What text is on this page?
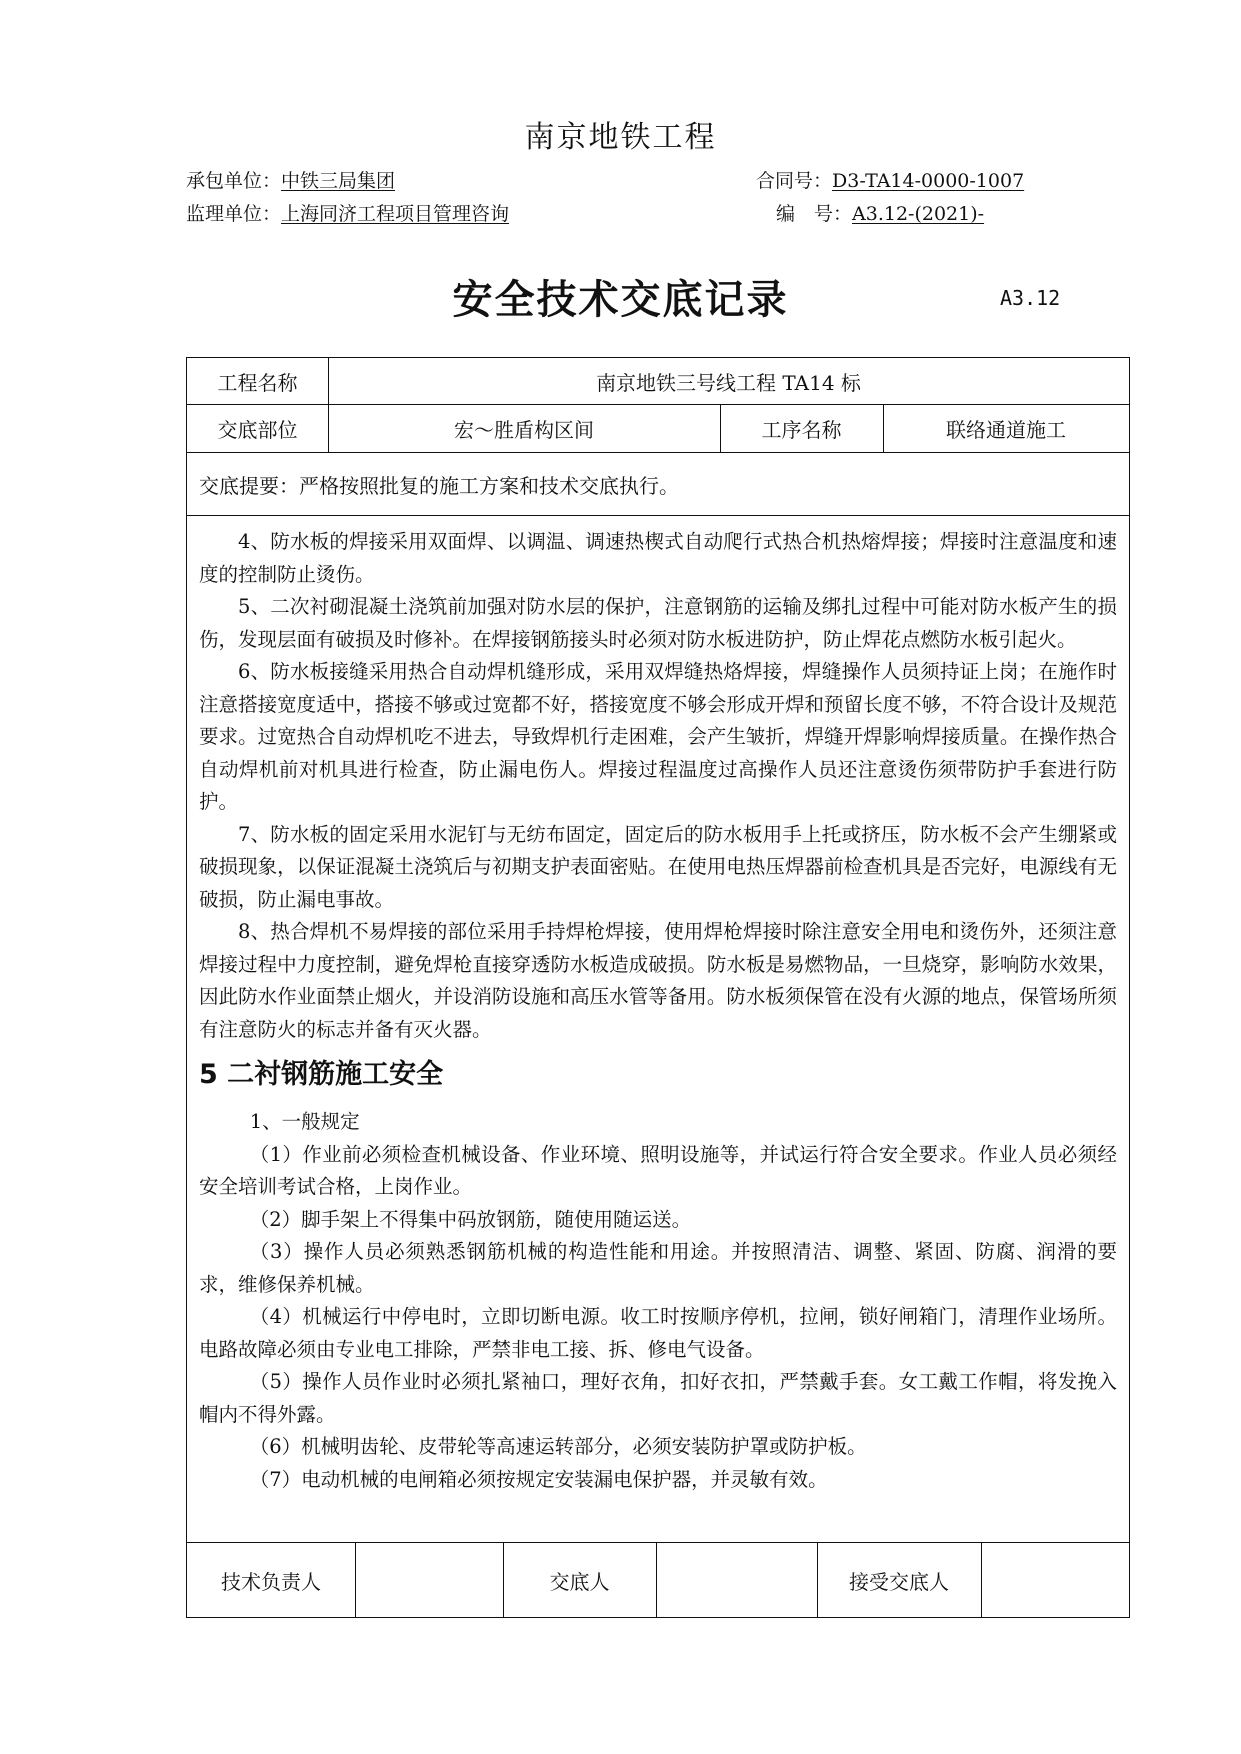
南京地铁工程
承包单位：中铁三局集团	合同号：D3-TA14-0000-1007
监理单位：上海同济工程项目管理咨询	编　号：A3.12-(2021)-
安全技术交底记录	A3.12
工程名称	南京地铁三号线工程 TA14 标
交底部位	宏～胜盾构区间	工序名称	联络通道施工
交底提要：严格按照批复的施工方案和技术交底执行。

4、防水板的焊接采用双面焊、以调温、调速热楔式自动爬行式热合机热熔焊接；焊接时注意温度和速度的控制防止烫伤。

5、二次衬砌混凝土浇筑前加强对防水层的保护，注意钢筋的运输及绑扎过程中可能对防水板产生的损伤，发现层面有破损及时修补。在焊接钢筋接头时必须对防水板进防护，防止焊花点燃防水板引起火。

6、防水板接缝采用热合自动焊机缝形成，采用双焊缝热烙焊接，焊缝操作人员须持证上岗；在施作时注意搭接宽度适中，搭接不够或过宽都不好，搭接宽度不够会形成开焊和预留长度不够，不符合设计及规范要求。过宽热合自动焊机吃不进去，导致焊机行走困难，会产生皱折，焊缝开焊影响焊接质量。在操作热合自动焊机前对机具进行检查，防止漏电伤人。焊接过程温度过高操作人员还注意烫伤须带防护手套进行防护。

7、防水板的固定采用水泥钉与无纺布固定，固定后的防水板用手上托或挤压，防水板不会产生绷紧或破损现象，以保证混凝土浇筑后与初期支护表面密贴。在使用电热压焊器前检查机具是否完好，电源线有无破损，防止漏电事故。

8、热合焊机不易焊接的部位采用手持焊枪焊接，使用焊枪焊接时除注意安全用电和烫伤外，还须注意焊接过程中力度控制，避免焊枪直接穿透防水板造成破损。防水板是易燃物品，一旦烧穿，影响防水效果，因此防水作业面禁止烟火，并设消防设施和高压水管等备用。防水板须保管在没有火源的地点，保管场所须有注意防火的标志并备有灭火器。

5 二衬钢筋施工安全

1、一般规定

（1）作业前必须检查机械设备、作业环境、照明设施等，并试运行符合安全要求。作业人员必须经安全培训考试合格，上岗作业。

（2）脚手架上不得集中码放钢筋，随使用随运送。

（3）操作人员必须熟悉钢筋机械的构造性能和用途。并按照清洁、调整、紧固、防腐、润滑的要求，维修保养机械。

（4）机械运行中停电时，立即切断电源。收工时按顺序停机，拉闸，锁好闸箱门，清理作业场所。电路故障必须由专业电工排除，严禁非电工接、拆、修电气设备。

（5）操作人员作业时必须扎紧袖口，理好衣角，扣好衣扣，严禁戴手套。女工戴工作帽，将发挽入帽内不得外露。

（6）机械明齿轮、皮带轮等高速运转部分，必须安装防护罩或防护板。

（7）电动机械的电闸箱必须按规定安装漏电保护器，并灵敏有效。

技术负责人	交底人	接受交底人
